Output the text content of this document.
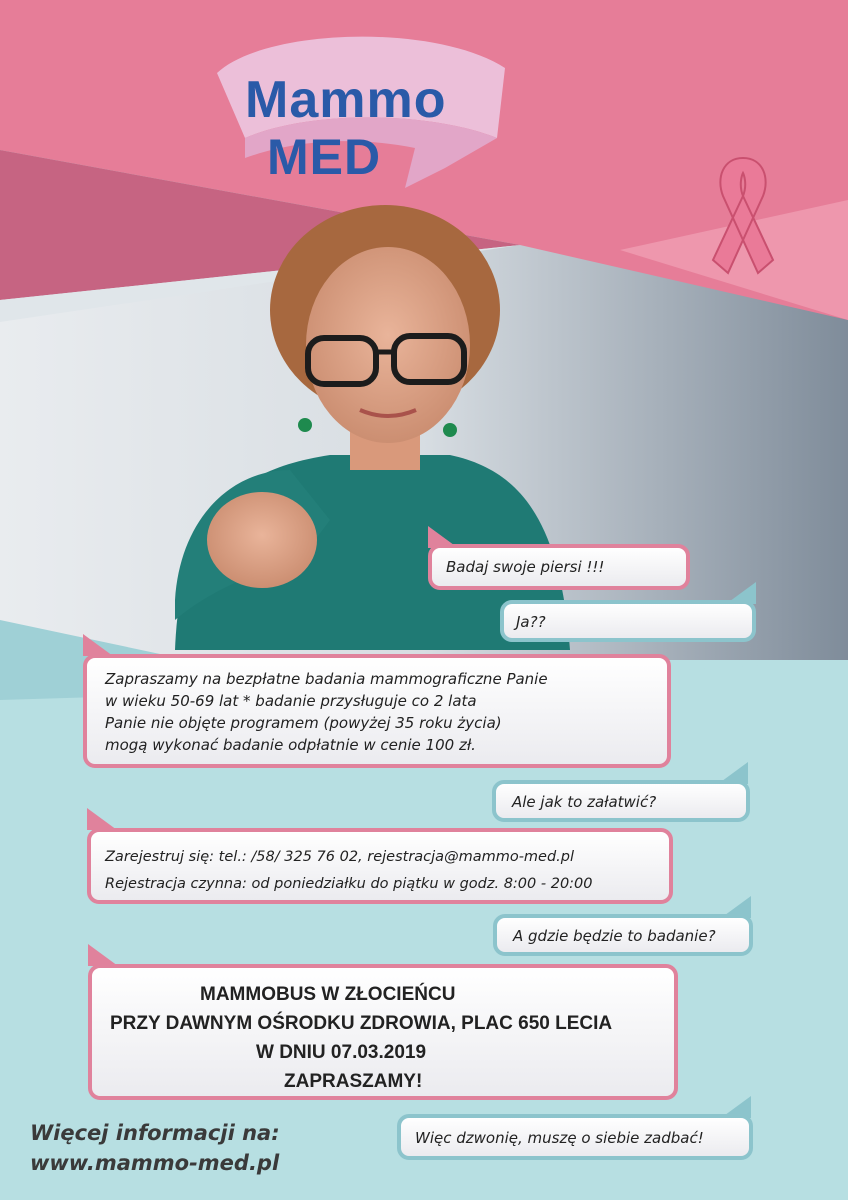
Mammo
MED
Badaj swoje piersi !!!
Ja??
Zapraszamy na bezpłatne badania mammograficzne Panie
w wieku 50-69 lat * badanie przysługuje co 2 lata
Panie nie objęte programem (powyżej 35 roku życia)
mogą wykonać badanie odpłatnie w cenie 100 zł.
Ale jak to załatwić?
Zarejestruj się: tel.: /58/ 325 76 02, rejestracja@mammo-med.pl
Rejestracja czynna: od poniedziałku do piątku w godz. 8:00 - 20:00
A gdzie będzie to badanie?
MAMMOBUS W ZŁOCIEŃCU
PRZY DAWNYM OŚRODKU ZDROWIA, PLAC 650 LECIA
W DNIU 07.03.2019
ZAPRASZAMY!
Więc dzwonię, muszę o siebie zadbać!
Więcej informacji na:
www.mammo-med.pl
